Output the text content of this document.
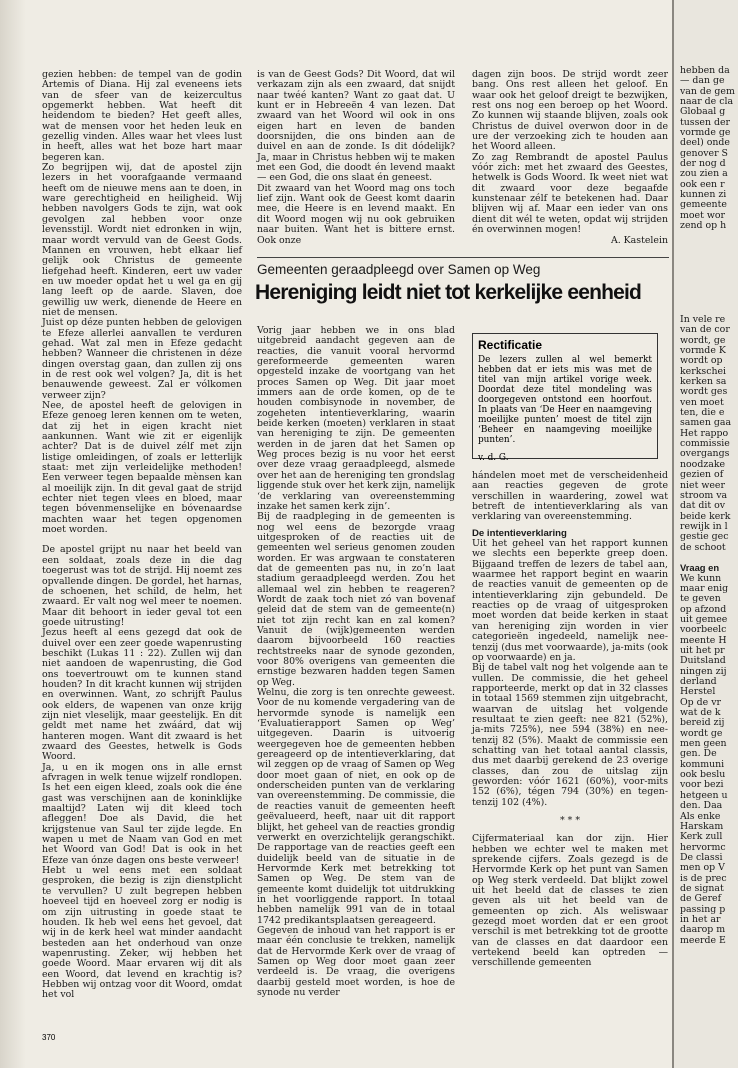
gezien hebben: de tempel van de godin Artemis of Diana. Hij zal eveneens iets van de sfeer van de keizercultus opgemerkt hebben. Wat heeft dit heidendom te bieden? Het geeft alles, wat de mensen voor het heden leuk en gezellig vinden. Alles waar het vlees lust in heeft, alles wat het boze hart maar begeren kan.

Zo begrijpen wij, dat de apostel zijn lezers in het voorafgaande vermaand heeft om de nieuwe mens aan te doen, in ware gerechtigheid en heiligheid. Wij hebben navolgers Gods te zijn, wat ook gevolgen zal hebben voor onze levensstijl. Wordt niet edronken in wijn, maar wordt vervuld van de Geest Gods. Mannen en vrouwen, hebt elkaar lief gelijk ook Christus de gemeente liefgehad heeft. Kinderen, eert uw vader en uw moeder opdat het u wel ga en gij lang leeft op de aarde. Slaven, doe gewillig uw werk, dienende de Heere en niet de mensen.

Juist op déze punten hebben de gelovigen te Efeze allerlei aanvallen te verduren gehad. Wat zal men in Efeze gedacht hebben? Wanneer die christenen in déze dingen overstag gaan, dan zullen zij ons in de rest ook wel volgen? Ja, dit is het benauwende geweest. Zal er vólkomen verweer zijn?

Nee, de apostel heeft de gelovigen in Efeze genoeg leren kennen om te weten, dat zij het in eigen kracht niet aankunnen. Want wie zit er eigenlijk achter? Dat is de duivel zélf met zijn listige omleidingen, of zoals er letterlijk staat: met zijn verleidelijke methoden! Een verweer tegen bepaalde mènsen kan al moeilijk zijn. In dit geval gaat de strijd echter niet tegen vlees en bloed, maar tegen bóvenmenselijke en bóvenaardse machten waar het tegen opgenomen moet worden.

De apostel grijpt nu naar het beeld van een soldaat, zoals deze in die dag toegerust was tot de strijd. Hij noemt zes opvallende dingen. De gordel, het harnas, de schoenen, het schild, de helm, het zwaard. Er valt nog wel meer te noemen. Maar dit behoort in ieder geval tot een goede uitrusting!

Jezus heeft al eens gezegd dat ook de duivel over een zeer goede wapenrusting beschikt (Lukas 11 : 22). Zullen wij dan niet aandoen de wapenrusting, die God ons toevertrouwt om te kunnen stand houden? In dit kracht kunnen wij strijden en overwinnen. Want, zo schrijft Paulus ook elders, de wapenen van onze krijg zijn niet vleselijk, maar geestelijk. En dit geldt met name het zwáárd, dat wij hanteren mogen. Want dit zwaard is het zwaard des Geestes, hetwelk is Gods Woord.

Ja, u en ik mogen ons in alle ernst afvragen in welk tenue wijzelf rondlopen. Is het een eigen kleed, zoals ook die éne gast was verschijnen aan de koninklijke maaltijd? Laten wij dit kleed toch afleggen! Doe als David, die het krijgstenue van Saul ter zijde legde. En wapen u met de Naam van God en met het Woord van God! Dat is ook in het Efeze van ónze dagen ons beste verweer!

Hebt u wel eens met een soldaat gesproken, die bezig is zijn dienstplicht te vervullen? U zult begrepen hebben hoeveel tijd en hoeveel zorg er nodig is om zijn uitrusting in goede staat te houden. Ik heb wel eens het gevoel, dat wij in de kerk heel wat minder aandacht besteden aan het onderhoud van onze wapenrusting. Zeker, wij hebben het goede Woord. Maar ervaren wij dit als een Woord, dat levend en krachtig is? Hebben wij ontzag voor dit Woord, omdat het vol

is van de Geest Gods? Dit Woord, dat wil verkazam zijn als een zwaard, dat snijdt naar twéé kanten? Want zo gaat dat. U kunt er in Hebreeën 4 van lezen. Dat zwaard van het Woord wil ook in ons eigen hart en leven de banden doorsnijden, die ons binden aan de duivel en aan de zonde. Is dit dódelijk? Ja, maar in Christus hebben wij te maken met een God, die doodt én levend maakt — een God, die ons slaat én geneest.

Dit zwaard van het Woord mag ons toch lief zijn. Want ook de Geest komt daarin mee, die Heere is en levend maakt. En dit Woord mogen wij nu ook gebruiken naar buiten. Want het is bittere ernst. Ook onze

dagen zijn boos. De strijd wordt zeer bang. Ons rest alleen het geloof. En waar ook het geloof dreigt te bezwijken, rest ons nog een beroep op het Woord. Zo kunnen wij staande blijven, zoals ook Christus de duivel overwon door in de ure der verzoeking zich te houden aan het Woord alleen.

Zo zag Rembrandt de apostel Paulus vóór zich: met het zwaard des Geestes, hetwelk is Gods Woord. Ik weet niet wat dit zwaard voor deze begaafde kunstenaar zélf te betekenen had. Daar blijven wij af. Maar een ieder van ons dient dit wél te weten, opdat wij strijden én overwinnen mogen!

A. Kastelein

Gemeenten geraadpleegd over Samen op Weg
Hereniging leidt niet tot kerkelijke eenheid

Vorig jaar hebben we in ons blad uitgebreid aandacht gegeven aan de reacties, die vanuit vooral hervormd gereformeerde gemeenten waren opgesteld inzake de voortgang van het proces Samen op Weg. Dit jaar moet immers aan de orde komen, op de te houden combisynode in november, de zogeheten intentieverklaring, waarin beide kerken (moeten) verklaren in staat van hereniging te zijn. De gemeenten werden in de jaren dat het Samen op Weg proces bezig is nu voor het eerst over deze vraag geraadpleegd, alsmede over het aan de hereniging ten grondslag liggende stuk over het kerk zijn, namelijk ‘de verklaring van overeenstemming inzake het samen kerk zijn’.

Bij de raadpleging in de gemeenten is nog wel eens de bezorgde vraag uitgesproken of de reacties uit de gemeenten wel serieus genomen zouden worden. Er was argwaan te constateren dat de gemeenten pas nu, in zo’n laat stadium geraadpleegd werden. Zou het allemaal wel zin hebben te reageren? Wordt de zaak toch niet zó van bovenaf geleid dat de stem van de gemeente(n) niet tot zijn recht kan en zal komen? Vanuit de (wijk)gemeenten werden daarom bijvoorbeeld 160 reacties rechtstreeks naar de synode gezonden, voor 80% overigens van gemeenten die ernstige bezwaren hadden tegen Samen op Weg.

Welnu, die zorg is ten onrechte geweest. Voor de nu komende vergadering van de hervormde synode is namelijk een ‘Evaluatierapport Samen op Weg’ uitgegeven. Daarin is uitvoerig weergegeven hoe de gemeenten hebben gereageerd op de intentieverklaring, dat wil zeggen op de vraag of Samen op Weg door moet gaan of niet, en ook op de onderscheiden punten van de verklaring van overeenstemming. De commissie, die de reacties vanuit de gemeenten heeft geëvalueerd, heeft, naar uit dit rapport blijkt, het geheel van de reacties grondig verwerkt en overzichtelijk gerangschikt. De rapportage van de reacties geeft een duidelijk beeld van de situatie in de Hervormde Kerk met betrekking tot Samen op Weg. De stem van de gemeente komt duidelijk tot uitdrukking in het voorliggende rapport. In totaal hebben namelijk 991 van de in totaal 1742 predikantsplaatsen gereageerd.

Gegeven de inhoud van het rapport is er maar één conclusie te trekken, namelijk dat de Hervormde Kerk over de vraag of Samen op Weg door moet gaan zeer verdeeld is. De vraag, die overigens daarbij gesteld moet worden, is hoe de synode nu verder

Rectificatie

De lezers zullen al wel bemerkt hebben dat er iets mis was met de titel van mijn artikel vorige week. Doordat deze titel mondeling was doorgegeven ontstond een hoorfout. In plaats van ‘De Heer en naamgeving moeilijke punten’ moest de titel zijn ‘Beheer en naamgeving moeilijke punten’.

v. d. G.

hándelen moet met de verscheidenheid aan reacties gegeven de grote verschillen in waardering, zowel wat betreft de intentieverklaring als van verklaring van overeenstemming.

De intentieverklaring

Uit het geheel van het rapport kunnen we slechts een beperkte greep doen. Bijgaand treffen de lezers de tabel aan, waarmee het rapport begint en waarin de reacties vanuit de gemeenten op de intentieverklaring zijn gebundeld. De reacties op de vraag of uitgesproken moet worden dat beide kerken in staat van hereniging zijn worden in vier categorieën ingedeeld, namelijk nee-tenzij (dus met voorwaarde), ja-mits (ook op voorwaarde) en ja.

Bij de tabel valt nog het volgende aan te vullen. De commissie, die het geheel rapporteerde, merkt op dat in 32 classes in totaal 1569 stemmen zijn uitgebracht, waarvan de uitslag het volgende resultaat te zien geeft: nee 821 (52%), ja-mits 725%), nee 594 (38%) en nee-tenzij 82 (5%). Maakt de commissie een schatting van het totaal aantal classis, dus met daarbij gerekend de 23 overige classes, dan zou de uitslag zijn geworden: vóór 1621 (60%), voor-mits 152 (6%), tégen 794 (30%) en tegen-tenzij 102 (4%).

* * *

Cijfermateriaal kan dor zijn. Hier hebben we echter wel te maken met sprekende cijfers. Zoals gezegd is de Hervormde Kerk op het punt van Samen op Weg sterk verdeeld. Dat blijkt zowel uit het beeld dat de classes te zien geven als uit het beeld van de gemeenten op zich. Als weliswaar gezegd moet worden dat er een groot verschil is met betrekking tot de grootte van de classes en dat daardoor een vertekend beeld kan optreden — verschillende gemeenten

370
hebben da
— dan ge
van de gem
naar de cla
Globaal g
tussen der
vormde ge
deel) onde
genover S
der nog d
zou zien a
ook een r
kunnen zi
gemeente
moet wor
zend op h
In vele re
van de cor
wordt, ge
vormde K
wordt op
kerkschei
kerken sa
wordt ges
ven moet
ten, die e
samen gaa
Het rappo
commissie
overgangs
noodzake
gezien of
niet weer
stroom va
dat dit ov
beide kerk
rewijk in l
gestie gec
de schoot

Vraag en
We kunn
maar enig
te geven
op afzond
uit gemee
voorbeelc
meente H
uit het pr
Duitsland
ningen zij
derland
Herstel
Op de vr
wat de k
bereid zij
wordt ge
men geen
gen. De
kommuni
ook beslu
voor bezi
hetgeen u
den. Daa
Als enke
Harskam
Kerk zull
hervormc
De classi
men op V
is de prec
de signat
de Geref
passing p
in het ar
daarop m
meerde E
